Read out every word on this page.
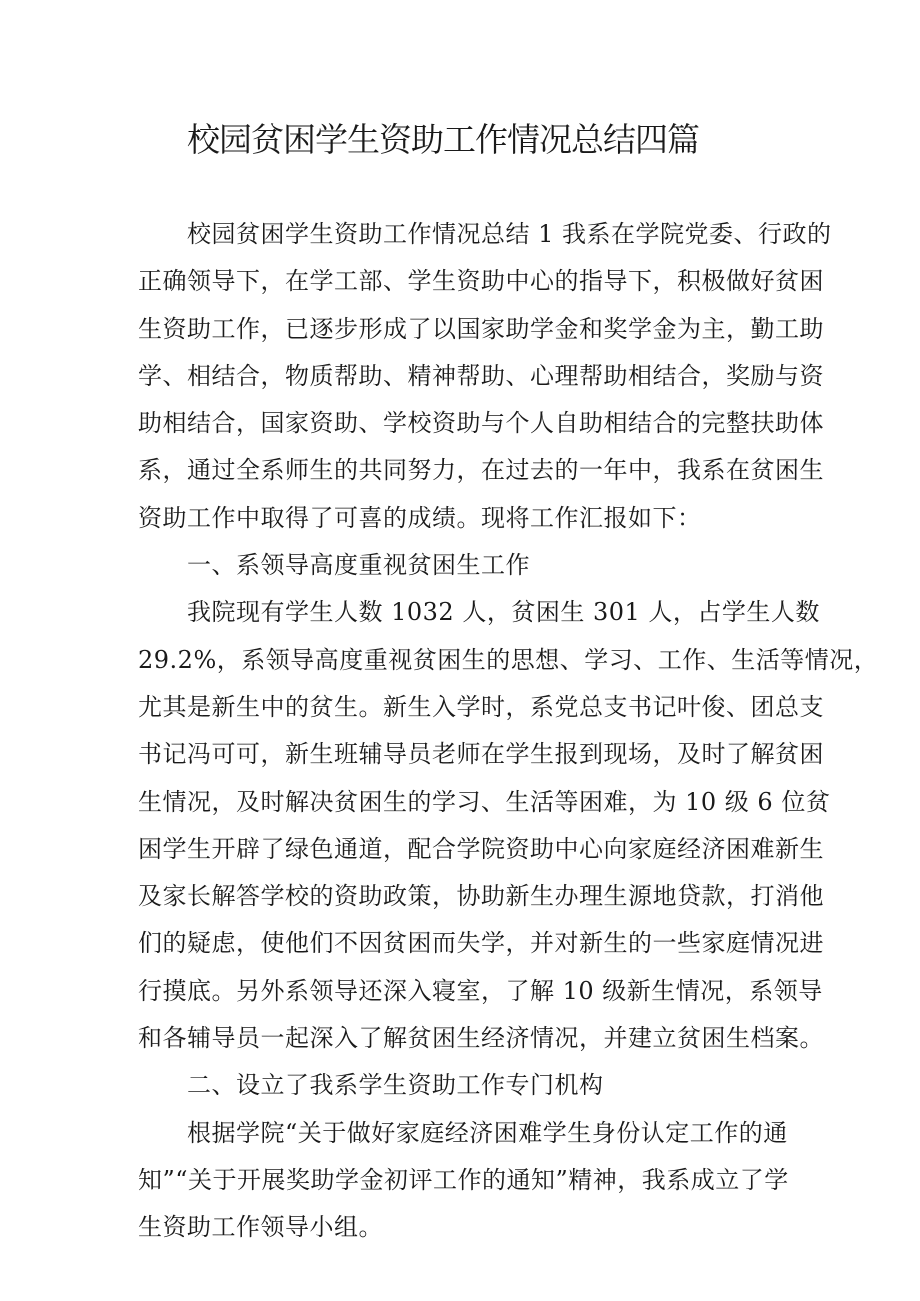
校园贫困学生资助工作情况总结四篇
校园贫困学生资助工作情况总结 1 我系在学院党委、行政的
正确领导下，在学工部、学生资助中心的指导下，积极做好贫困
生资助工作，已逐步形成了以国家助学金和奖学金为主，勤工助
学、相结合，物质帮助、精神帮助、心理帮助相结合，奖励与资
助相结合，国家资助、学校资助与个人自助相结合的完整扶助体
系，通过全系师生的共同努力，在过去的一年中，我系在贫困生
资助工作中取得了可喜的成绩。现将工作汇报如下：
一、系领导高度重视贫困生工作
我院现有学生人数 1032 人，贫困生 301 人，占学生人数
29.2%，系领导高度重视贫困生的思想、学习、工作、生活等情况，
尤其是新生中的贫生。新生入学时，系党总支书记叶俊、团总支
书记冯可可，新生班辅导员老师在学生报到现场，及时了解贫困
生情况，及时解决贫困生的学习、生活等困难，为 10 级 6 位贫
困学生开辟了绿色通道，配合学院资助中心向家庭经济困难新生
及家长解答学校的资助政策，协助新生办理生源地贷款，打消他
们的疑虑，使他们不因贫困而失学，并对新生的一些家庭情况进
行摸底。另外系领导还深入寝室，了解 10 级新生情况，系领导
和各辅导员一起深入了解贫困生经济情况，并建立贫困生档案。
二、设立了我系学生资助工作专门机构
根据学院“关于做好家庭经济困难学生身份认定工作的通
知”“关于开展奖助学金初评工作的通知”精神，我系成立了学
生资助工作领导小组。
